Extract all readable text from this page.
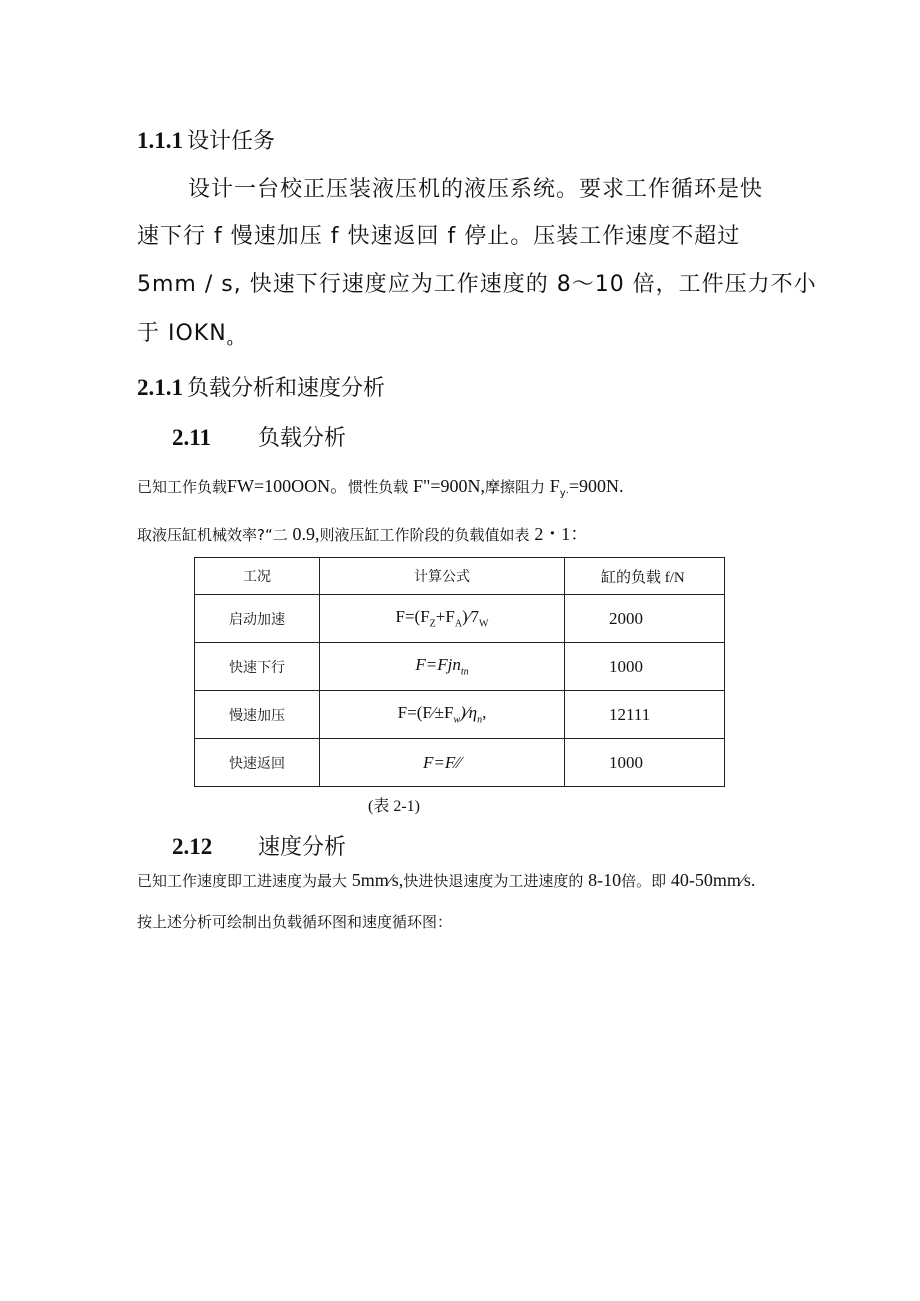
1.1.1 设计任务
设计一台校正压装液压机的液压系统。要求工作循环是快
速下行 f 慢速加压 f 快速返回 f 停止。压装工作速度不超过
5mm / s, 快速下行速度应为工作速度的 8～10 倍，工件压力不小
于 $IOKN_o$
2.1.1 负载分析和速度分析
2.11 负载分析
已知工作负载FW=100OON。惯性负载 F"=900N,摩擦阻力 $F_{y\cdot}=900N$.
取液压缸机械效率?“二 0.9,则液压缸工作阶段的负载值如表 2・1：
工况	计算公式	缸的负载 f/N
启动加速	$F=(F_Z+F_A)∕7_W$	2000
快速下行	F=Fjn$_{tn}$	1000
慢速加压	$F=(F∕\pm F_w)∕\eta_n$,	12111
快速返回	F=F∕∕	1000
(表 2-1)
2.12 速度分析
已知工作速度即工进速度为最大 5mm∕s,快进快退速度为工进速度的 8-10倍。即 40-50mm∕s.
按上述分析可绘制出负载循环图和速度循环图：
